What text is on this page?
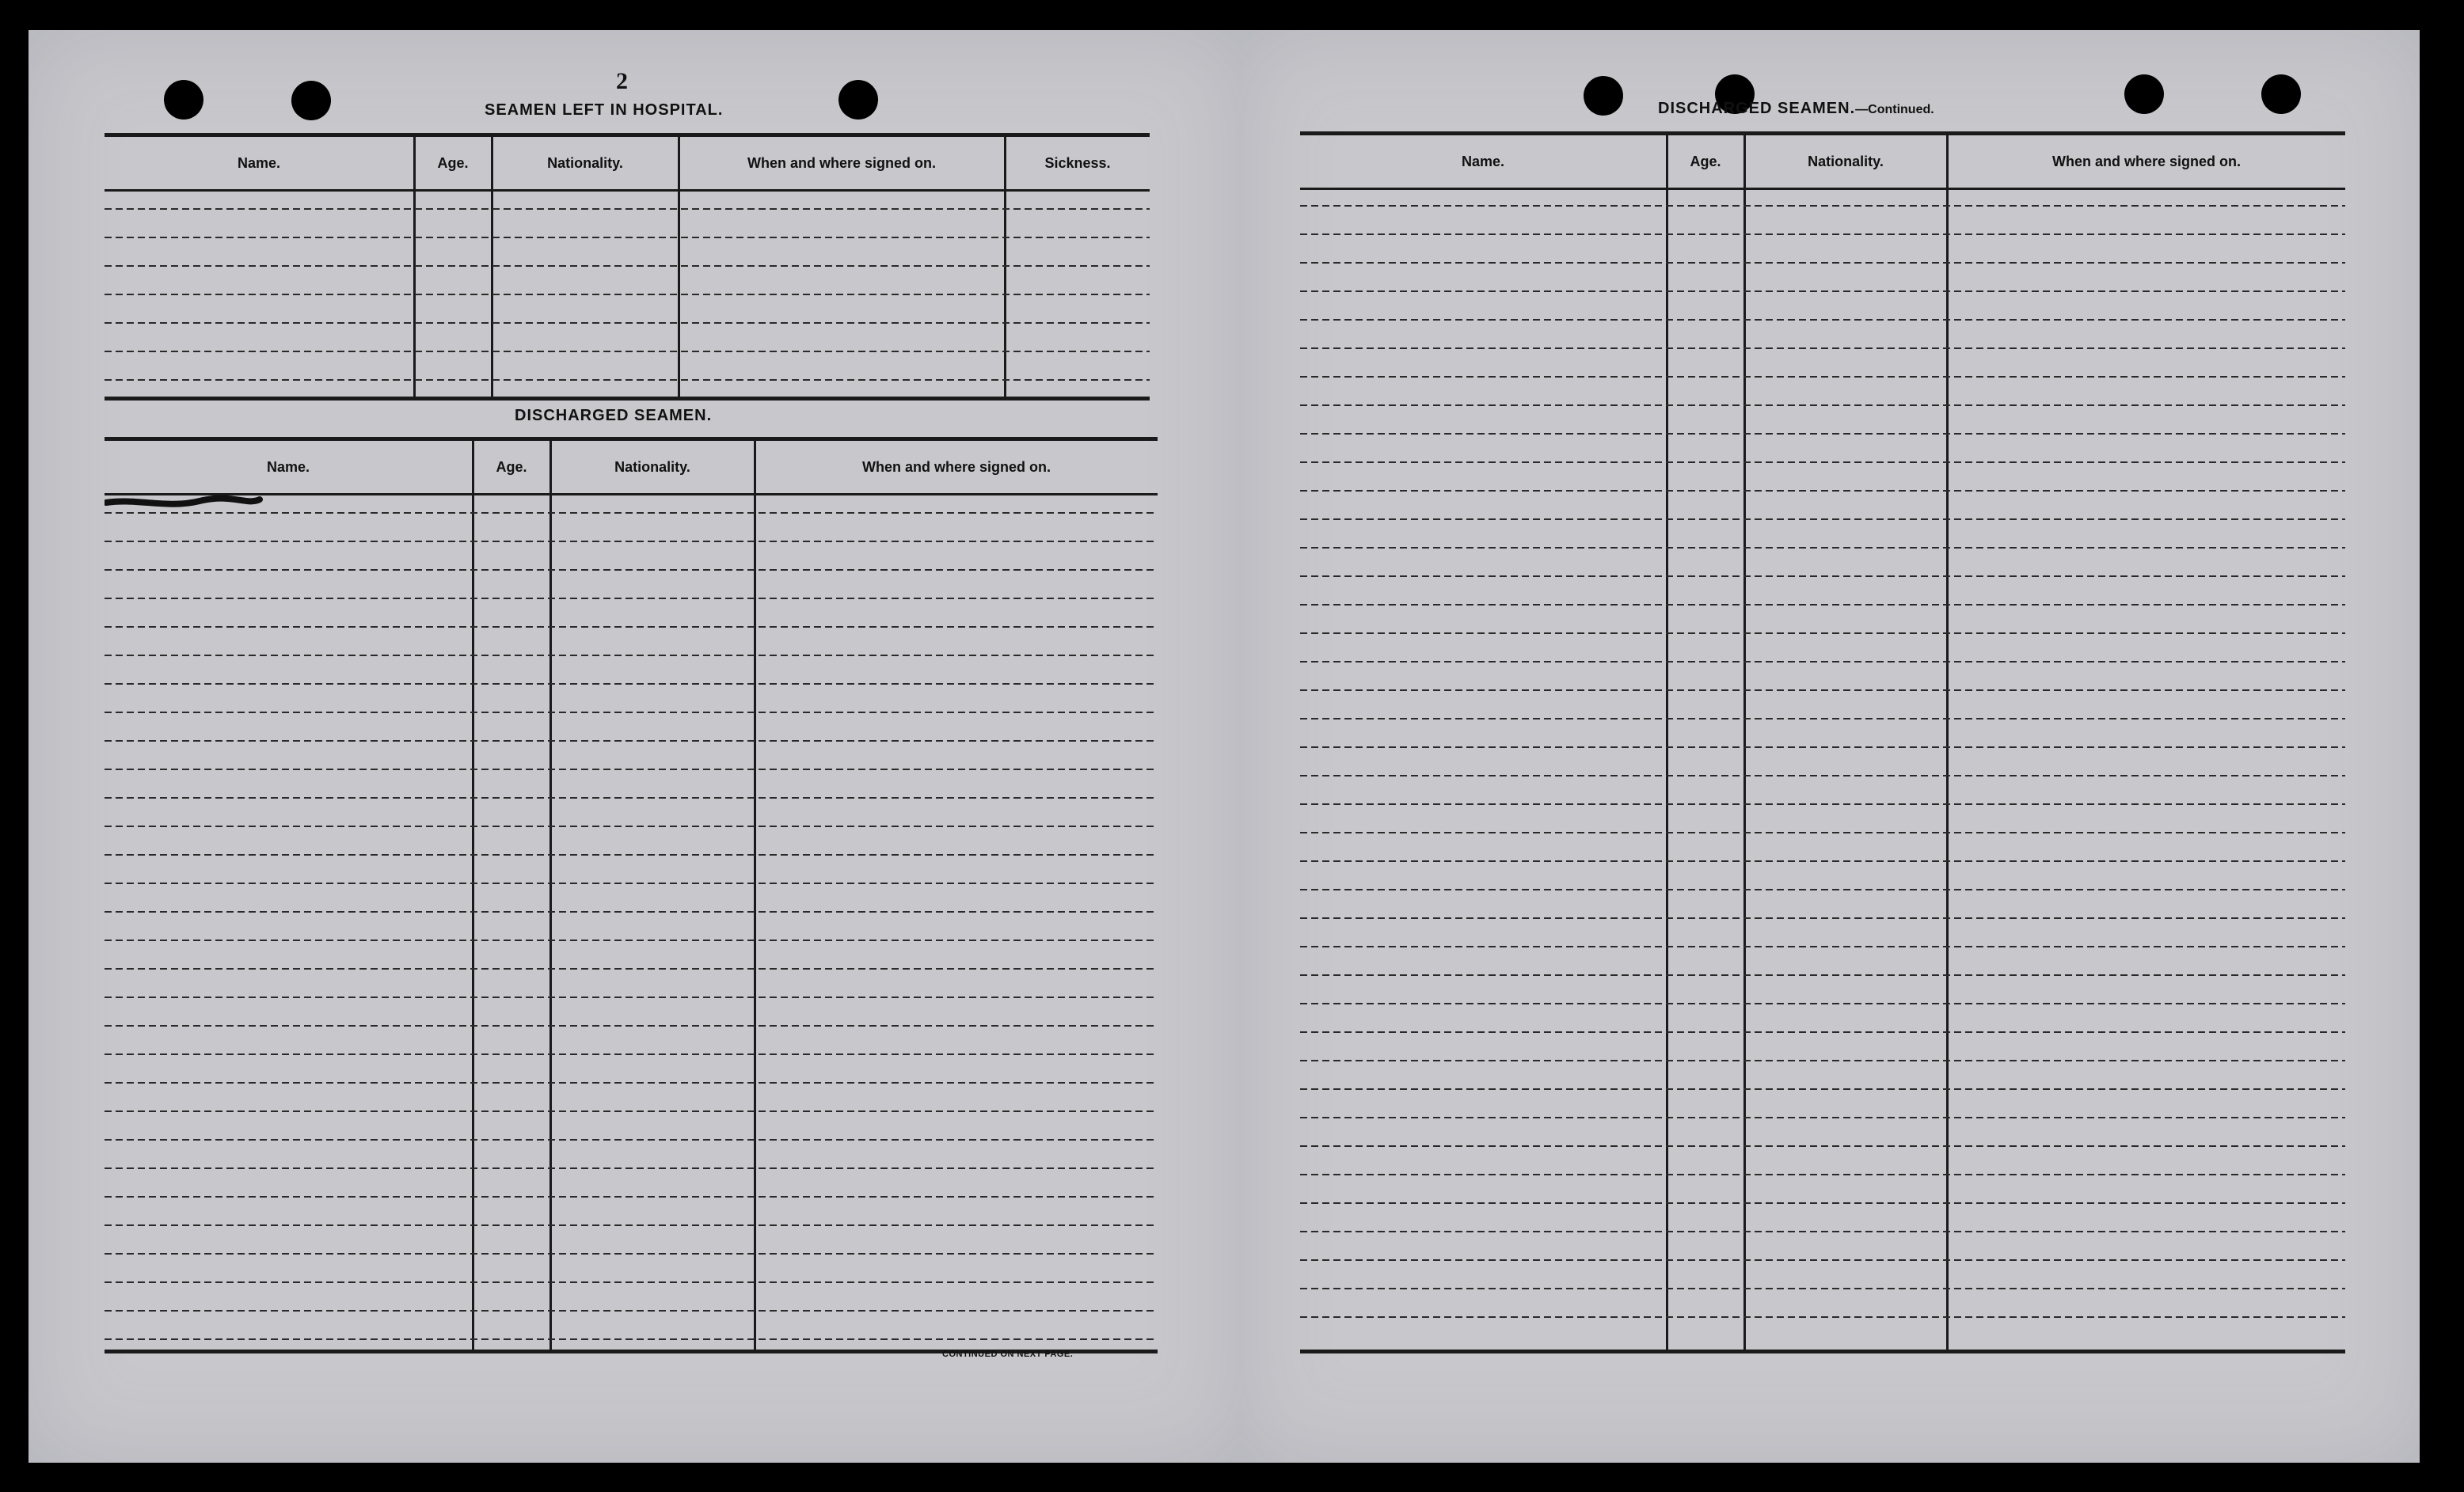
2
SEAMEN LEFT IN HOSPITAL.
Name.	Age.	Nationality.	When and where signed on.	Sickness.
DISCHARGED SEAMEN.
Name.	Age.	Nationality.	When and where signed on.
CONTINUED ON NEXT PAGE.
DISCHARGED SEAMEN.—Continued.
Name.	Age.	Nationality.	When and where signed on.
